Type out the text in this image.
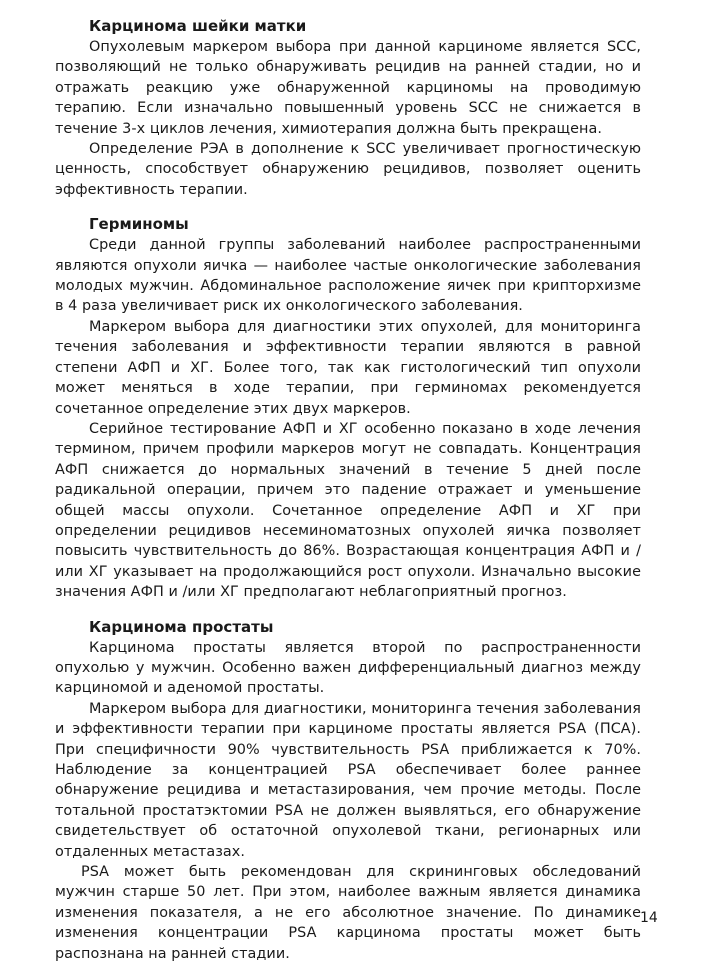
Карцинома шейки матки

Опухолевым маркером выбора при данной карциноме является SCC, позволяющий не только обнаруживать рецидив на ранней стадии, но и отражать реакцию уже обнаруженной карциномы на проводимую терапию. Если изначально повышенный уровень SCC не снижается в течение 3-х циклов лечения, химиотерапия должна быть прекращена.

Определение РЭА в дополнение к SCC увеличивает прогностическую ценность, способствует обнаружению рецидивов, позволяет оценить эффективность терапии.

Герминомы

Среди данной группы заболеваний наиболее распространенными являются опухоли яичка — наиболее частые онкологические заболевания молодых мужчин. Абдоминальное расположение яичек при крипторхизме в 4 раза увеличивает риск их онкологического заболевания.

Маркером выбора для диагностики этих опухолей, для мониторинга течения заболевания и эффективности терапии являются в равной степени АФП и ХГ. Более того, так как гистологический тип опухоли может меняться в ходе терапии, при герминомах рекомендуется сочетанное определение этих двух маркеров.

Серийное тестирование АФП и ХГ особенно показано в ходе лечения термином, причем профили маркеров могут не совпадать. Концентрация АФП снижается до нормальных значений в течение 5 дней после радикальной операции, причем это падение отражает и уменьшение общей массы опухоли. Сочетанное определение АФП и ХГ при определении рецидивов несеминоматозных опухолей яичка позволяет повысить чувствительность до 86%. Возрастающая концентрация АФП и /или ХГ указывает на продолжающийся рост опухоли. Изначально высокие значения АФП и /или ХГ предполагают неблагоприятный прогноз.

Карцинома простаты

Карцинома простаты является второй по распространенности опухолью у мужчин. Особенно важен дифференциальный диагноз между карциномой и аденомой простаты.

Маркером выбора для диагностики, мониторинга течения заболевания и эффективности терапии при карциноме простаты является PSA (ПСА). При специфичности 90% чувствительность PSA приближается к 70%. Наблюдение за концентрацией PSA обеспечивает более раннее обнаружение рецидива и метастазирования, чем прочие методы. После тотальной простатэктомии PSA не должен выявляться, его обнаружение свидетельствует об остаточной опухолевой ткани, регионарных или отдаленных метастазах.

PSA может быть рекомендован для скрининговых обследований мужчин старше 50 лет. При этом, наиболее важным является динамика изменения показателя, а не его абсолютное значение. По динамике изменения концентрации PSA карцинома простаты может быть распознана на ранней стадии.

14
